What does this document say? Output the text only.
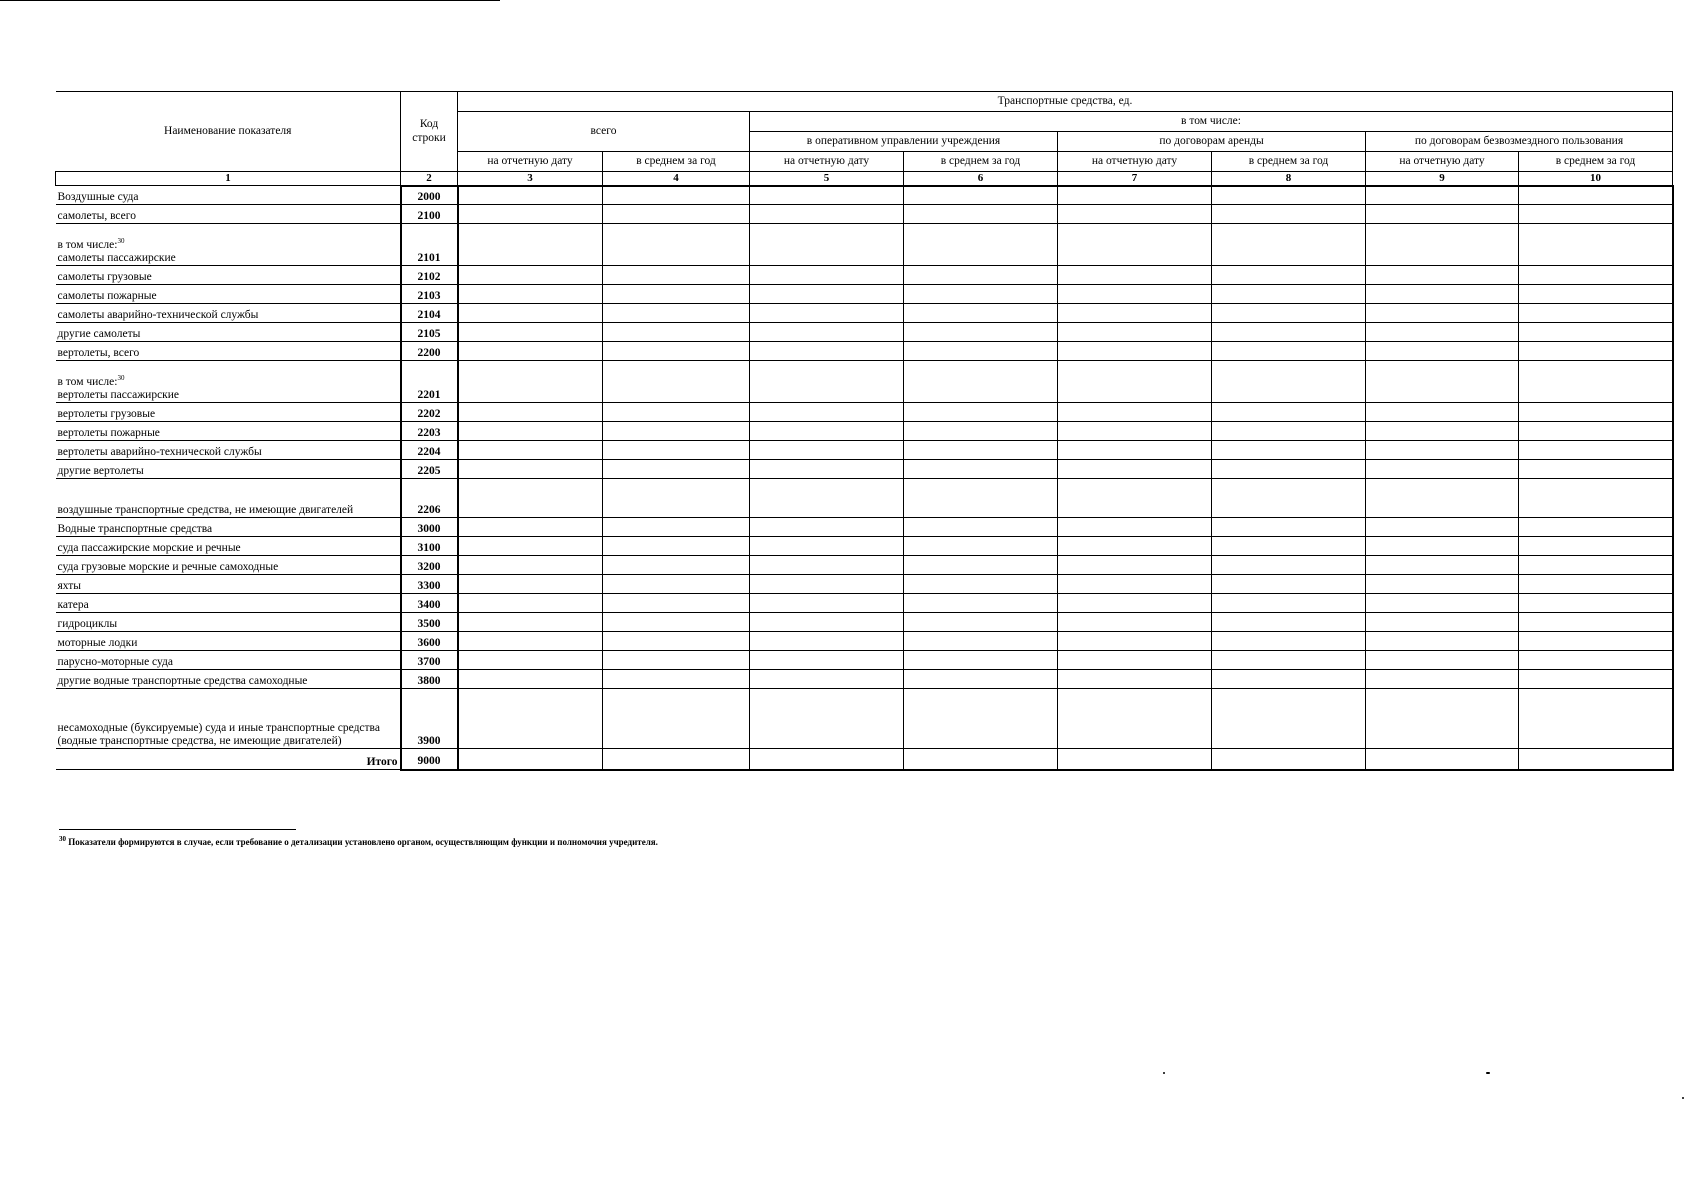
Наименование показателя	Код строки	Транспортные средства, ед.							
		всего		в том числе:					
				в оперативном управлении учреждения		по договорам аренды		по договорам безвозмездного пользования	
		на отчетную дату	в среднем за год	на отчетную дату	в среднем за год	на отчетную дату	в среднем за год	на отчетную дату	в среднем за год
1	2	3	4	5	6	7	8	9	10
Воздушные суда	2000								
самолеты, всего	2100								
в том числе:$^{30}$
самолеты пассажирские	2101								
самолеты грузовые	2102								
самолеты пожарные	2103								
самолеты аварийно-технической службы	2104								
другие самолеты	2105								
вертолеты, всего	2200								
в том числе:$^{30}$
вертолеты пассажирские	2201								
вертолеты грузовые	2202								
вертолеты пожарные	2203								
вертолеты аварийно-технической службы	2204								
другие вертолеты	2205								
воздушные транспортные средства, не имеющие двигателей	2206								
Водные транспортные средства	3000								
суда пассажирские морские и речные	3100								
суда грузовые морские и речные самоходные	3200								
яхты	3300								
катера	3400								
гидроциклы	3500								
моторные лодки	3600								
парусно-моторные суда	3700								
другие водные транспортные средства самоходные	3800								
несамоходные (буксируемые) суда и иные транспортные средства (водные транспортные средства, не имеющие двигателей)	3900								
Итого	9000								
$^{30}$ Показатели формируются в случае, если требование о детализации установлено органом, осуществляющим функции и полномочия учредителя.
